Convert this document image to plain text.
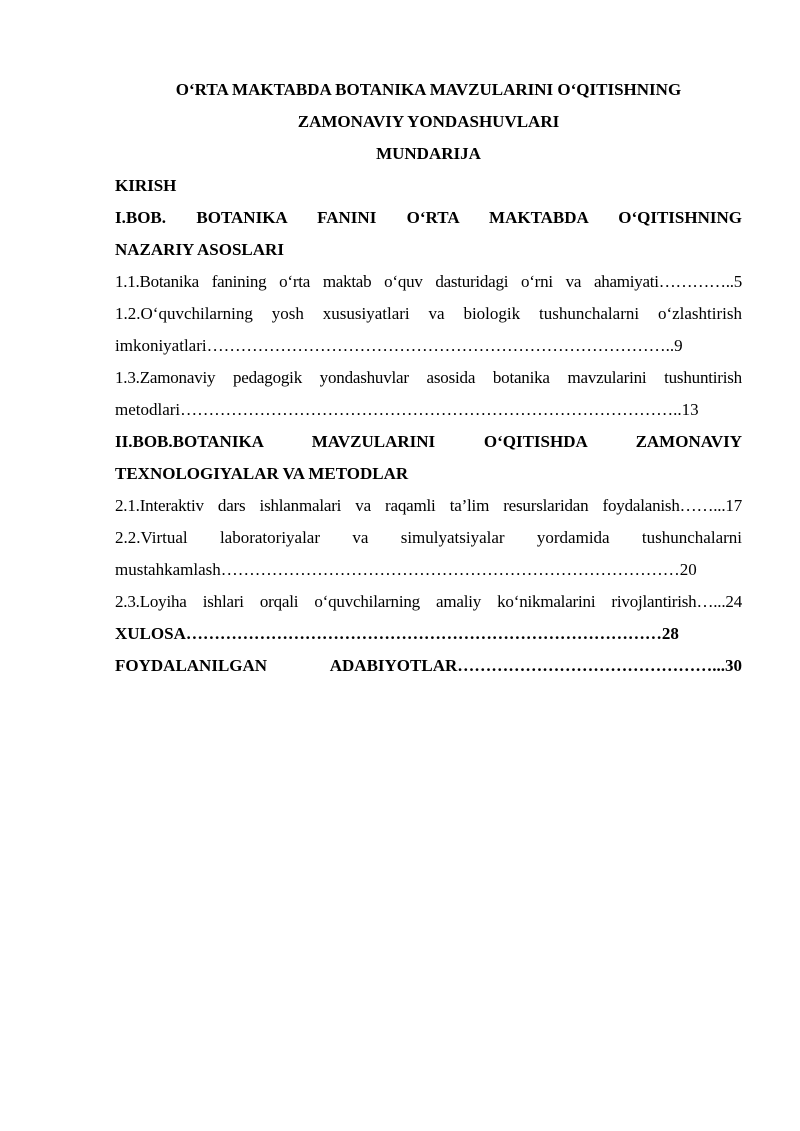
O‘RTA MAKTABDA BOTANIKA MAVZULARINI O‘QITISHNING
ZAMONAVIY YONDASHUVLARI
MUNDARIJA

KIRISH

I.BOB. BOTANIKA FANINI O‘RTA MAKTABDA O‘QITISHNING
NAZARIY ASOSLARI

1.1.Botanika fanining o‘rta maktab o‘quv dasturidagi o‘rni va ahamiyati…………..5

1.2.O‘quvchilarning yosh xususiyatlari va biologik tushunchalarni o‘zlashtirish
imkoniyatlari………………………………………………………………………..9

1.3.Zamonaviy pedagogik yondashuvlar asosida botanika mavzularini tushuntirish
metodlari……………………………………………………………………………..13

II.BOB.BOTANIKA MAVZULARINI O‘QITISHDA ZAMONAVIY
TEXNOLOGIYALAR VA METODLAR

2.1.Interaktiv dars ishlanmalari va raqamli ta’lim resurslaridan foydalanish……...17

2.2.Virtual laboratoriyalar va simulyatsiyalar yordamida tushunchalarni
mustahkamlash………………………………………………………………………20

2.3.Loyiha ishlari orqali o‘quvchilarning amaliy ko‘nikmalarini rivojlantirish…...24

XULOSA…………………………………………………………………………28

FOYDALANILGAN ADABIYOTLAR………………………………………...30
